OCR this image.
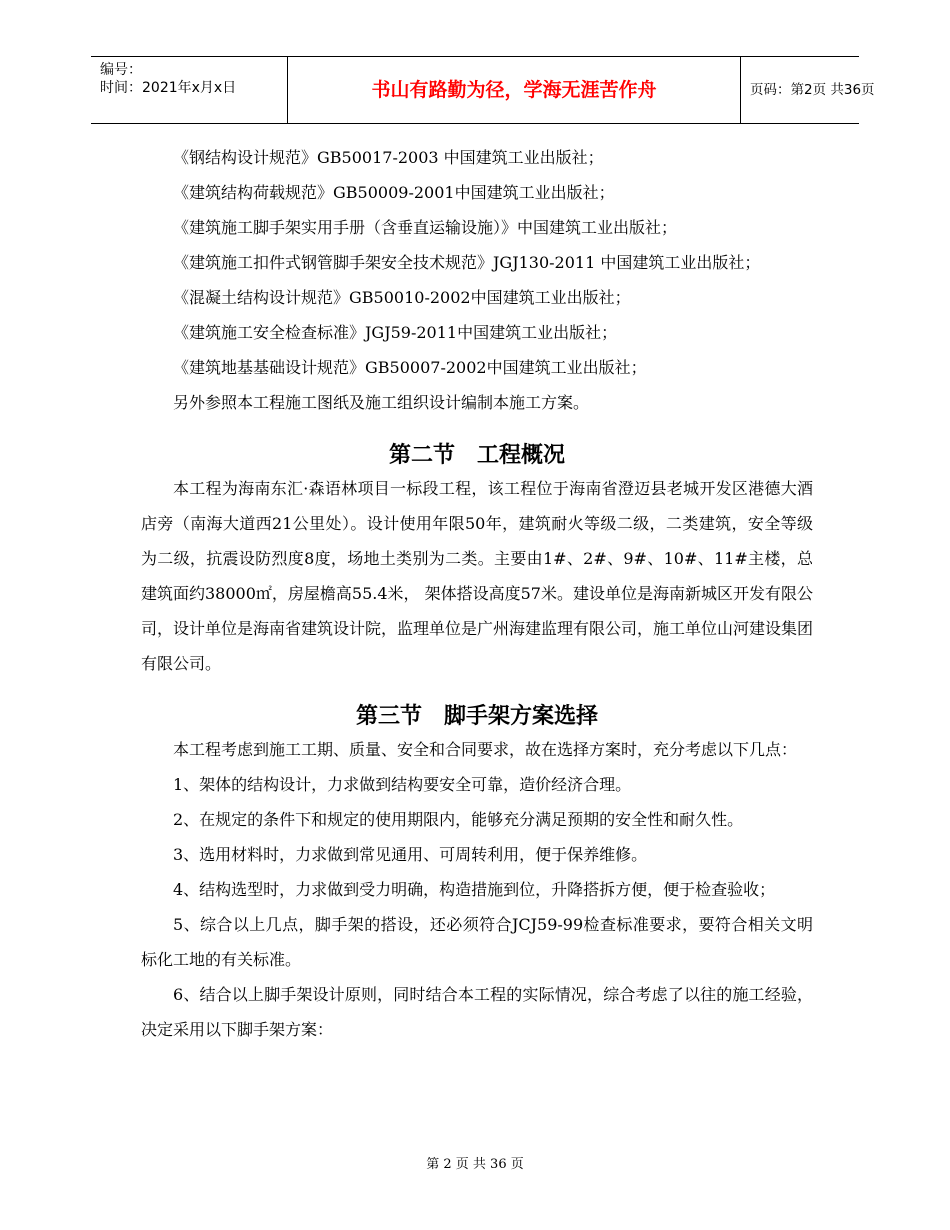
编号：
时间：2021年x月x日	书山有路勤为径，学海无涯苦作舟	页码：第2页 共36页

《钢结构设计规范》GB50017-2003 中国建筑工业出版社；

《建筑结构荷载规范》GB50009-2001中国建筑工业出版社；

《建筑施工脚手架实用手册（含垂直运输设施）》中国建筑工业出版社；

《建筑施工扣件式钢管脚手架安全技术规范》JGJ130-2011 中国建筑工业出版社；

《混凝土结构设计规范》GB50010-2002中国建筑工业出版社；

《建筑施工安全检查标准》JGJ59-2011中国建筑工业出版社；

《建筑地基基础设计规范》GB50007-2002中国建筑工业出版社；

另外参照本工程施工图纸及施工组织设计编制本施工方案。

第二节　工程概况

本工程为海南东汇·森语林项目一标段工程，该工程位于海南省澄迈县老城开发区港德大酒店旁（南海大道西21公里处）。设计使用年限50年，建筑耐火等级二级，二类建筑，安全等级为二级，抗震设防烈度8度，场地土类别为二类。主要由1#、2#、9#、10#、11#主楼，总建筑面约38000㎡，房屋檐高55.4米， 架体搭设高度57米。建设单位是海南新城区开发有限公司，设计单位是海南省建筑设计院，监理单位是广州海建监理有限公司，施工单位山河建设集团有限公司。

第三节　脚手架方案选择

本工程考虑到施工工期、质量、安全和合同要求，故在选择方案时，充分考虑以下几点：

1、架体的结构设计，力求做到结构要安全可靠，造价经济合理。

2、在规定的条件下和规定的使用期限内，能够充分满足预期的安全性和耐久性。

3、选用材料时，力求做到常见通用、可周转利用，便于保养维修。

4、结构选型时，力求做到受力明确，构造措施到位，升降搭拆方便，便于检查验收；

5、综合以上几点，脚手架的搭设，还必须符合JCJ59-99检查标准要求，要符合相关文明标化工地的有关标准。

6、结合以上脚手架设计原则，同时结合本工程的实际情况，综合考虑了以往的施工经验，决定采用以下脚手架方案：

第 2 页 共 36 页
